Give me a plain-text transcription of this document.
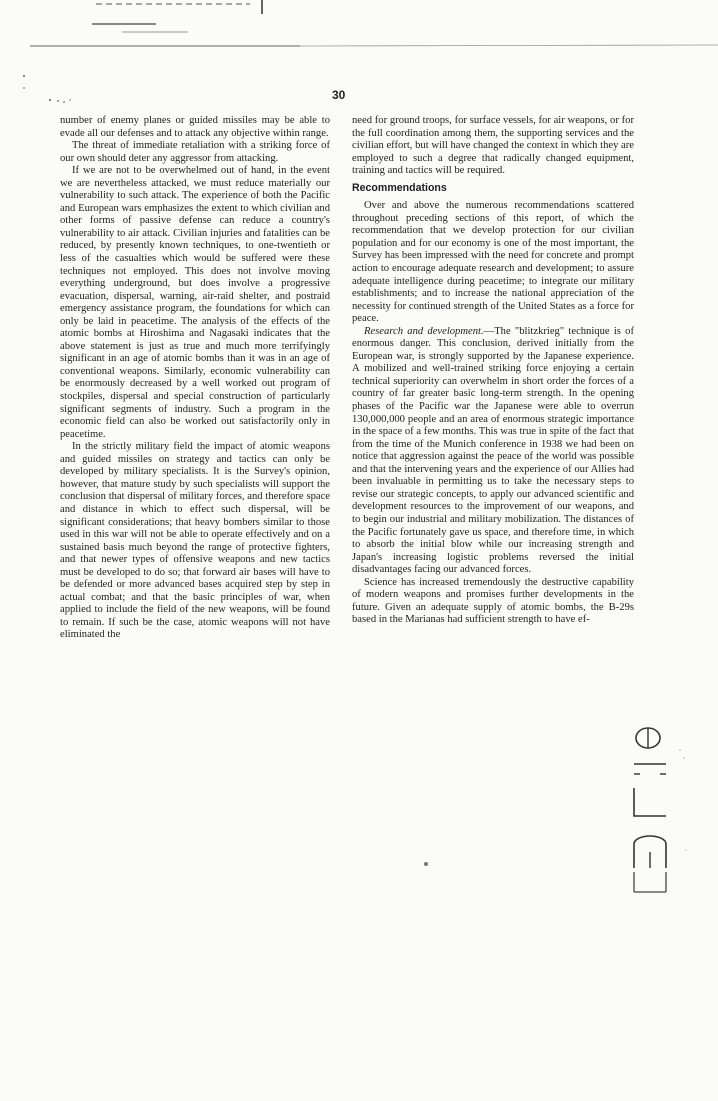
30

number of enemy planes or guided missiles may be able to evade all our defenses and to attack any objective within range.

The threat of immediate retaliation with a striking force of our own should deter any aggressor from attacking.

If we are not to be overwhelmed out of hand, in the event we are nevertheless attacked, we must reduce materially our vulnerability to such attack. The experience of both the Pacific and European wars emphasizes the extent to which civilian and other forms of passive defense can reduce a country's vulnerability to air attack. Civilian injuries and fatalities can be reduced, by presently known techniques, to one-twentieth or less of the casualties which would be suffered were these techniques not employed. This does not involve moving everything underground, but does involve a progressive evacuation, dispersal, warning, air-raid shelter, and postraid emergency assistance program, the foundations for which can only be laid in peacetime. The analysis of the effects of the atomic bombs at Hiroshima and Nagasaki indicates that the above statement is just as true and much more terrifyingly significant in an age of atomic bombs than it was in an age of conventional weapons. Similarly, economic vulnerability can be enormously decreased by a well worked out program of stockpiles, dispersal and special construction of particularly significant segments of industry. Such a program in the economic field can also be worked out satisfactorily only in peacetime.

In the strictly military field the impact of atomic weapons and guided missiles on strategy and tactics can only be developed by military specialists. It is the Survey's opinion, however, that mature study by such specialists will support the conclusion that dispersal of military forces, and therefore space and distance in which to effect such dispersal, will be significant considerations; that heavy bombers similar to those used in this war will not be able to operate effectively and on a sustained basis much beyond the range of protective fighters, and that newer types of offensive weapons and new tactics must be developed to do so; that forward air bases will have to be defended or more advanced bases acquired step by step in actual combat; and that the basic principles of war, when applied to include the field of the new weapons, will be found to remain. If such be the case, atomic weapons will not have eliminated the

need for ground troops, for surface vessels, for air weapons, or for the full coordination among them, the supporting services and the civilian effort, but will have changed the context in which they are employed to such a degree that radically changed equipment, training and tactics will be required.

Recommendations

Over and above the numerous recommendations scattered throughout preceding sections of this report, of which the recommendation that we develop protection for our civilian population and for our economy is one of the most important, the Survey has been impressed with the need for concrete and prompt action to encourage adequate research and development; to assure adequate intelligence during peacetime; to integrate our military establishments; and to increase the national appreciation of the necessity for continued strength of the United States as a force for peace.

Research and development.—The "blitzkrieg" technique is of enormous danger. This conclusion, derived initially from the European war, is strongly supported by the Japanese experience. A mobilized and well-trained striking force enjoying a certain technical superiority can overwhelm in short order the forces of a country of far greater basic long-term strength. In the opening phases of the Pacific war the Japanese were able to overrun 130,000,000 people and an area of enormous strategic importance in the space of a few months. This was true in spite of the fact that from the time of the Munich conference in 1938 we had been on notice that aggression against the peace of the world was possible and that the intervening years and the experience of our Allies had been invaluable in permitting us to take the necessary steps to revise our strategic concepts, to apply our advanced scientific and development resources to the improvement of our weapons, and to begin our industrial and military mobilization. The distances of the Pacific fortunately gave us space, and therefore time, in which to absorb the initial blow while our increasing strength and Japan's increasing logistic problems reversed the initial disadvantages facing our advanced forces.

Science has increased tremendously the destructive capability of modern weapons and promises further developments in the future. Given an adequate supply of atomic bombs, the B-29s based in the Marianas had sufficient strength to have ef-
